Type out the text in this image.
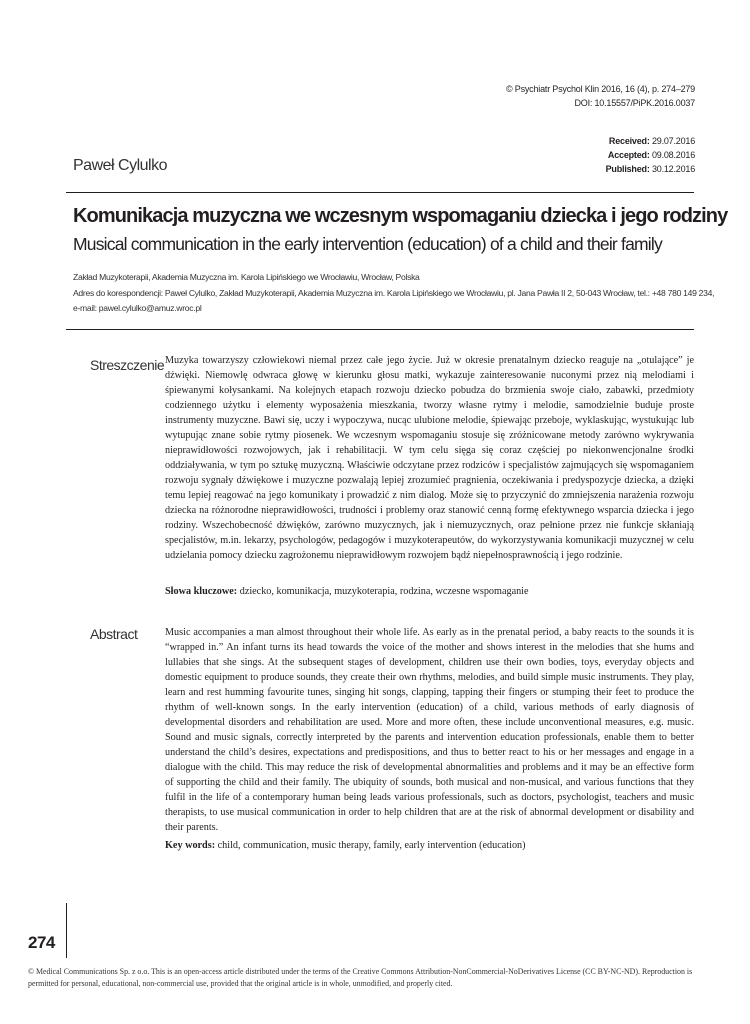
© Psychiatr Psychol Klin 2016, 16 (4), p. 274–279
DOI: 10.15557/PiPK.2016.0037
Received: 29.07.2016
Accepted: 09.08.2016
Published: 30.12.2016
Paweł Cylulko
Komunikacja muzyczna we wczesnym wspomaganiu dziecka i jego rodziny
Musical communication in the early intervention (education) of a child and their family
Zakład Muzykoterapii, Akademia Muzyczna im. Karola Lipińskiego we Wrocławiu, Wrocław, Polska
Adres do korespondencji: Paweł Cylulko, Zakład Muzykoterapii, Akademia Muzyczna im. Karola Lipińskiego we Wrocławiu, pl. Jana Pawła II 2, 50-043 Wrocław, tel.: +48 780 149 234,
e-mail: pawel.cylulko@amuz.wroc.pl
Streszczenie Muzyka towarzyszy człowiekowi niemal przez całe jego życie. Już w okresie prenatalnym dziecko reaguje na „otulające” je dźwięki. Niemowlę odwraca głowę w kierunku głosu matki, wykazuje zainteresowanie nuconymi przez nią melodiami i śpiewanymi kołysankami. Na kolejnych etapach rozwoju dziecko pobudza do brzmienia swoje ciało, zabawki, przedmioty codziennego użytku i elementy wyposażenia mieszkania, tworzy własne rytmy i melodie, samodzielnie buduje proste instrumenty muzyczne. Bawi się, uczy i wypoczywa, nucąc ulubione melodie, śpiewając przeboje, wyklaskując, wystukując lub wytupując znane sobie rytmy piosenek. We wczesnym wspomaganiu stosuje się zróżnicowane metody zarówno wykrywania nieprawidłowości rozwojowych, jak i rehabilitacji. W tym celu sięga się coraz częściej po niekonwencjonalne środki oddziaływania, w tym po sztukę muzyczną. Właściwie odczytane przez rodziców i specjalistów zajmujących się wspomaganiem rozwoju sygnały dźwiękowe i muzyczne pozwalają lepiej zrozumieć pragnienia, oczekiwania i predyspozycje dziecka, a dzięki temu lepiej reagować na jego komunikaty i prowadzić z nim dialog. Może się to przyczynić do zmniejszenia narażenia rozwoju dziecka na różnorodne nieprawidłowości, trudności i problemy oraz stanowić cenną formę efektywnego wsparcia dziecka i jego rodziny. Wszechobecność dźwięków, zarówno muzycznych, jak i niemuzycznych, oraz pełnione przez nie funkcje skłaniają specjalistów, m.in. lekarzy, psychologów, pedagogów i muzykoterapeutów, do wykorzystywania komunikacji muzycznej w celu udzielania pomocy dziecku zagrożonemu nieprawidłowym rozwojem bądź niepełnosprawnością i jego rodzinie.
Słowa kluczowe: dziecko, komunikacja, muzykoterapia, rodzina, wczesne wspomaganie
Abstract	Music accompanies a man almost throughout their whole life. As early as in the prenatal period, a baby reacts to the sounds it is “wrapped in.” An infant turns its head towards the voice of the mother and shows interest in the melodies that she hums and lullabies that she sings. At the subsequent stages of development, children use their own bodies, toys, everyday objects and domestic equipment to produce sounds, they create their own rhythms, melodies, and build simple music instruments. They play, learn and rest humming favourite tunes, singing hit songs, clapping, tapping their fingers or stumping their feet to produce the rhythm of well-known songs. In the early intervention (education) of a child, various methods of early diagnosis of developmental disorders and rehabilitation are used. More and more often, these include unconventional measures, e.g. music. Sound and music signals, correctly interpreted by the parents and intervention education professionals, enable them to better understand the child’s desires, expectations and predispositions, and thus to better react to his or her messages and engage in a dialogue with the child. This may reduce the risk of developmental abnormalities and problems and it may be an effective form of supporting the child and their family. The ubiquity of sounds, both musical and non-musical, and various functions that they fulfil in the life of a contemporary human being leads various professionals, such as doctors, psychologist, teachers and music therapists, to use musical communication in order to help children that are at the risk of abnormal development or disability and their parents.
Key words: child, communication, music therapy, family, early intervention (education)
274
© Medical Communications Sp. z o.o. This is an open-access article distributed under the terms of the Creative Commons Attribution-NonCommercial-NoDerivatives License (CC BY-NC-ND). Reproduction is permitted for personal, educational, non-commercial use, provided that the original article is in whole, unmodified, and properly cited.
